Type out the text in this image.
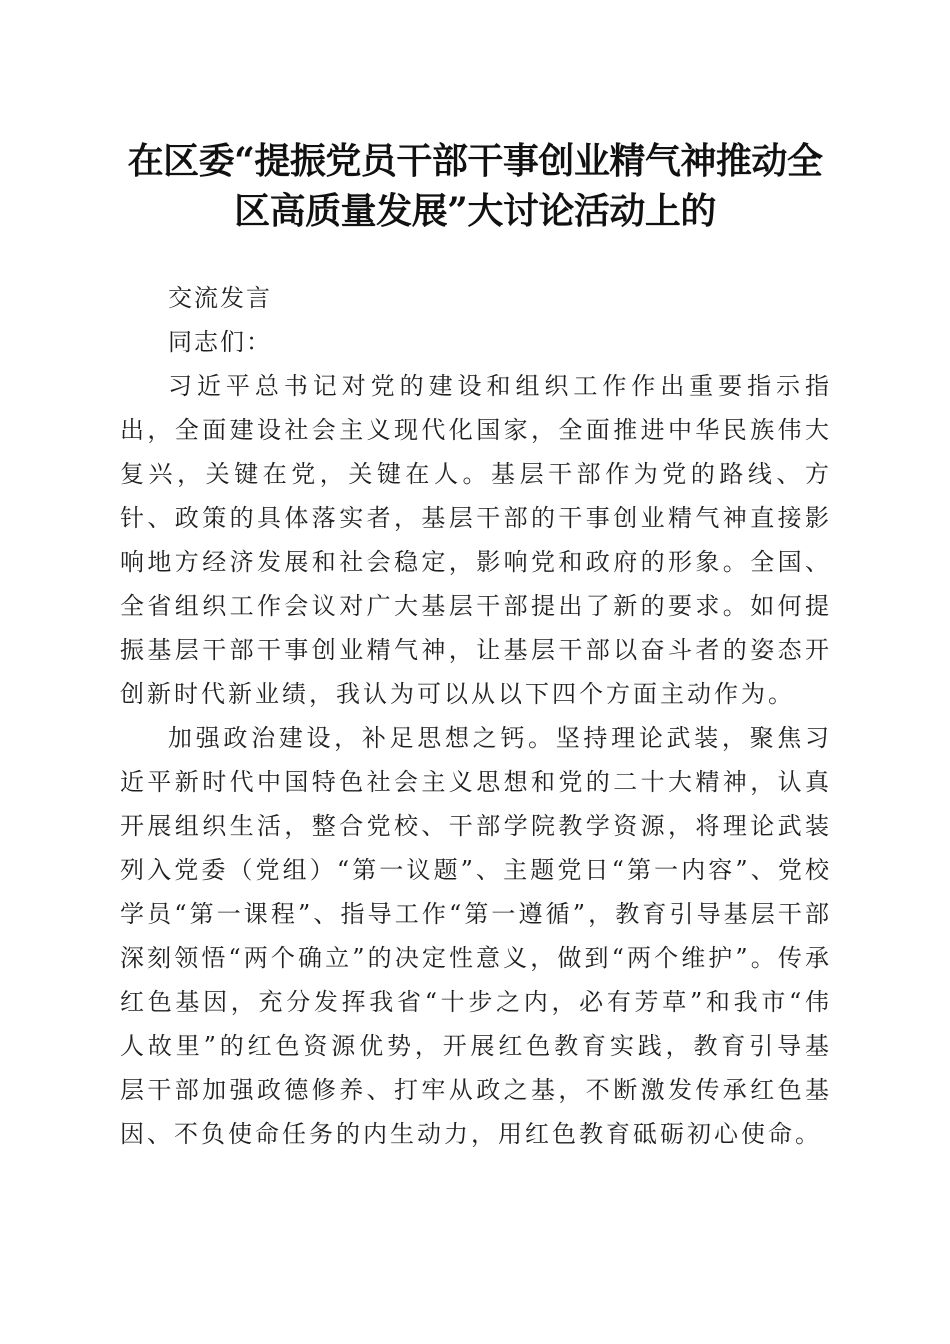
在区委“提振党员干部干事创业精气神推动全
区高质量发展”大讨论活动上的

交流发言

同志们：

习近平总书记对党的建设和组织工作作出重要指示指出，全面建设社会主义现代化国家，全面推进中华民族伟大复兴，关键在党，关键在人。基层干部作为党的路线、方针、政策的具体落实者，基层干部的干事创业精气神直接影响地方经济发展和社会稳定，影响党和政府的形象。全国、全省组织工作会议对广大基层干部提出了新的要求。如何提振基层干部干事创业精气神，让基层干部以奋斗者的姿态开创新时代新业绩，我认为可以从以下四个方面主动作为。

加强政治建设，补足思想之钙。坚持理论武装，聚焦习近平新时代中国特色社会主义思想和党的二十大精神，认真开展组织生活，整合党校、干部学院教学资源，将理论武装列入党委（党组）“第一议题”、主题党日“第一内容”、党校学员“第一课程”、指导工作“第一遵循”，教育引导基层干部深刻领悟“两个确立”的决定性意义，做到“两个维护”。传承红色基因，充分发挥我省“十步之内，必有芳草”和我市“伟人故里”的红色资源优势，开展红色教育实践，教育引导基层干部加强政德修养、打牢从政之基，不断激发传承红色基因、不负使命任务的内生动力，用红色教育砥砺初心使命。
